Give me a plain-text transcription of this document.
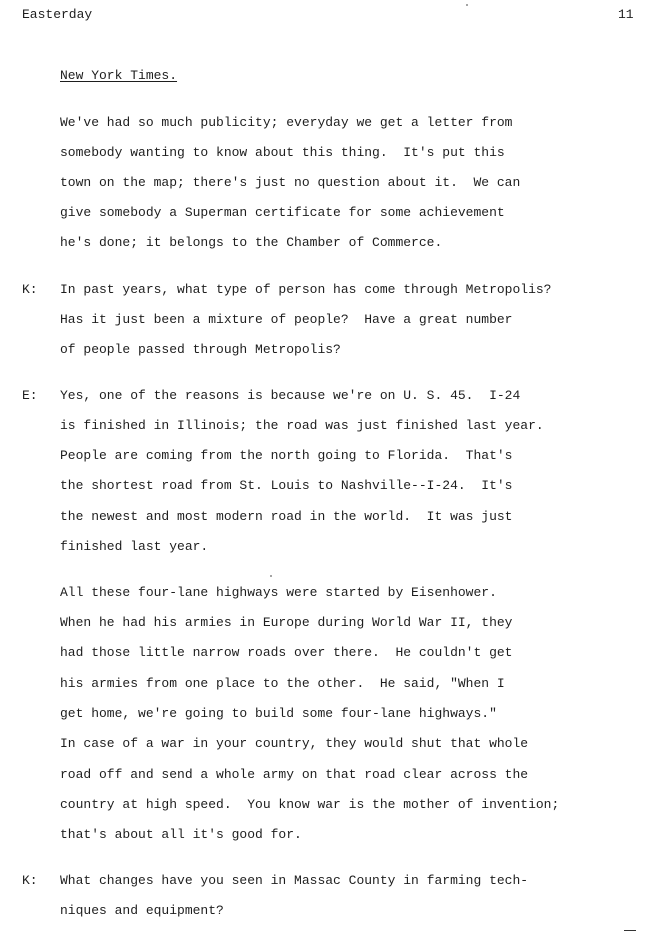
Easterday	11
New York Times.
We've had so much publicity; everyday we get a letter from
somebody wanting to know about this thing.  It's put this
town on the map; there's just no question about it.  We can
give somebody a Superman certificate for some achievement
he's done; it belongs to the Chamber of Commerce.
K: In past years, what type of person has come through Metropolis?
Has it just been a mixture of people?  Have a great number
of people passed through Metropolis?
E: Yes, one of the reasons is because we're on U. S. 45.  I-24
is finished in Illinois; the road was just finished last year.
People are coming from the north going to Florida.  That's
the shortest road from St. Louis to Nashville--I-24.  It's
the newest and most modern road in the world.  It was just
finished last year.
All these four-lane highways were started by Eisenhower.
When he had his armies in Europe during World War II, they
had those little narrow roads over there.  He couldn't get
his armies from one place to the other.  He said, "When I
get home, we're going to build some four-lane highways."
In case of a war in your country, they would shut that whole
road off and send a whole army on that road clear across the
country at high speed.  You know war is the mother of invention;
that's about all it's good for.
K: What changes have you seen in Massac County in farming tech-
niques and equipment?
